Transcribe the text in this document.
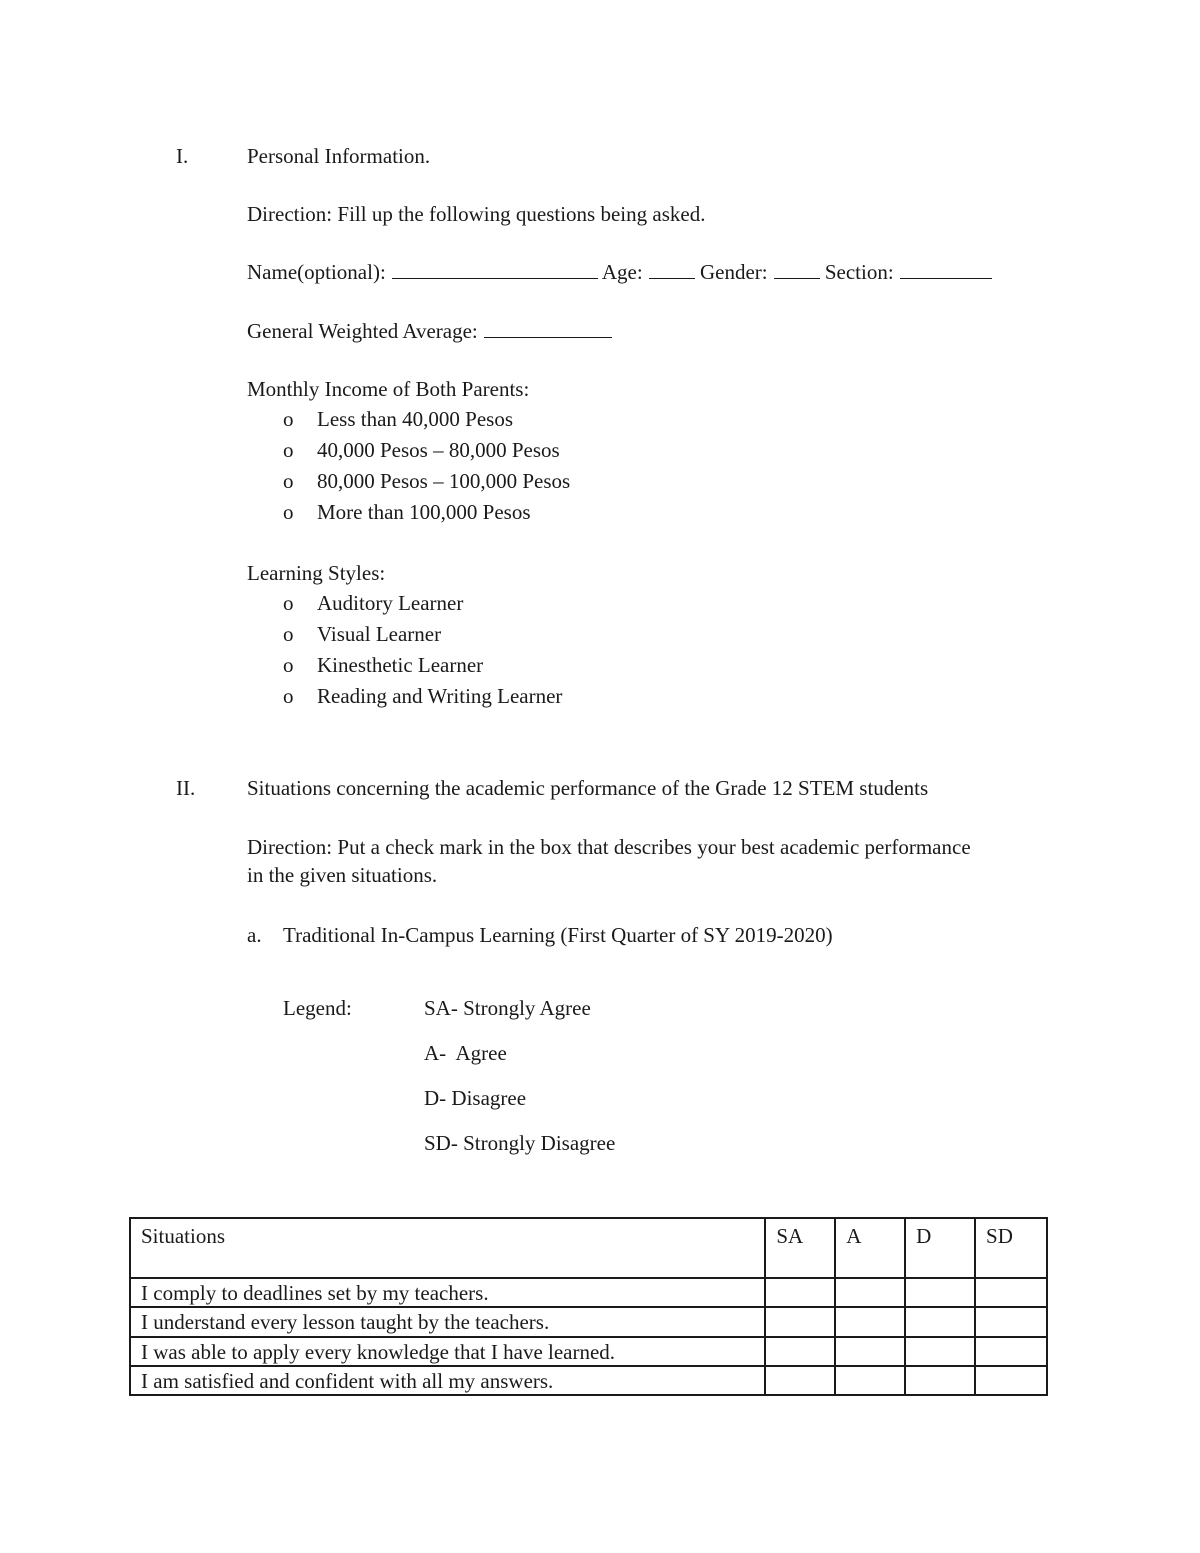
I.	Personal Information.
Direction: Fill up the following questions being asked.
Name(optional):	Age:	Gender:	Section:
General Weighted Average:
Monthly Income of Both Parents:
o Less than 40,000 Pesos
o 40,000 Pesos – 80,000 Pesos
o 80,000 Pesos – 100,000 Pesos
o More than 100,000 Pesos
Learning Styles:
o Auditory Learner
o Visual Learner
o Kinesthetic Learner
o Reading and Writing Learner
II. Situations concerning the academic performance of the Grade 12 STEM students
Direction: Put a check mark in the box that describes your best academic performance
in the given situations.
a. Traditional In-Campus Learning (First Quarter of SY 2019-2020)
Legend:	SA- Strongly Agree
A-  Agree
D- Disagree
SD- Strongly Disagree
Situations	SA	A	D	SD
I comply to deadlines set by my teachers.				
I understand every lesson taught by the teachers.				
I was able to apply every knowledge that I have learned.				
I am satisfied and confident with all my answers.				
